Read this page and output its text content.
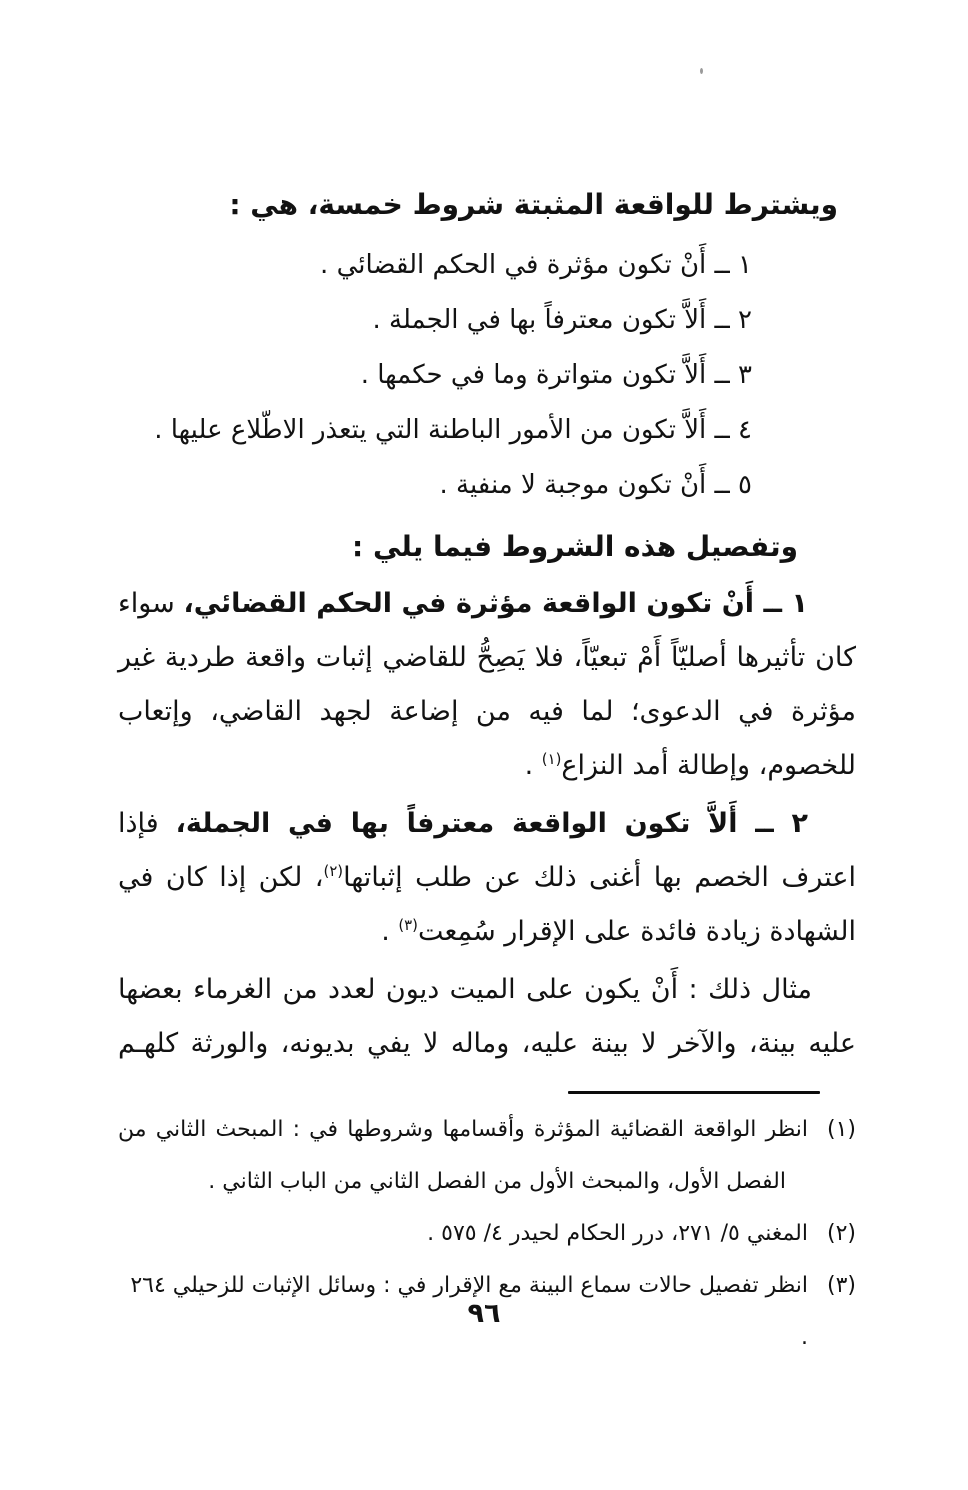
ويشترط للواقعة المثبتة شروط خمسة، هي :
١ ــ أَنْ تكون مؤثرة في الحكم القضائي .
٢ ــ أَلاَّ تكون معترفاً بها في الجملة .
٣ ــ أَلاَّ تكون متواترة وما في حكمها .
٤ ــ أَلاَّ تكون من الأمور الباطنة التي يتعذر الاطّلاع عليها .
٥ ــ أَنْ تكون موجبة لا منفية .
وتفصيل هذه الشروط فيما يلي :

١ ــ أَنْ تكون الواقعة مؤثرة في الحكم القضائي، سواء كان تأثيرها أصليّاً أَمْ تبعيّاً، فلا يَصِحُّ للقاضي إثبات واقعة طردية غير مؤثرة في الدعوى؛ لما فيه من إضاعة لجهد القاضي، وإتعاب للخصوم، وإطالة أمد النزاع$^{(١)}$ .

٢ ــ أَلاَّ تكون الواقعة معترفاً بها في الجملة، فإذا اعترف الخصم بها أغنى ذلك عن طلب إثباتها$^{(٢)}$، لكن إذا كان في الشهادة زيادة فائدة على الإقرار سُمِعت$^{(٣)}$ .

مثال ذلك : أَنْ يكون على الميت ديون لعدد من الغرماء بعضها عليه بينة، والآخر لا بينة عليه، وماله لا يفي بديونه، والورثة كلهـم

(١)
انظر الواقعة القضائية المؤثرة وأقسامها وشروطها في : المبحث الثاني من
الفصل الأول، والمبحث الأول من الفصل الثاني من الباب الثاني .
(٢)
المغني ٥/ ٢٧١، درر الحكام لحيدر ٤/ ٥٧٥ .
(٣)
انظر تفصيل حالات سماع البينة مع الإقرار في : وسائل الإثبات للزحيلي ٢٦٤ .
٩٦
